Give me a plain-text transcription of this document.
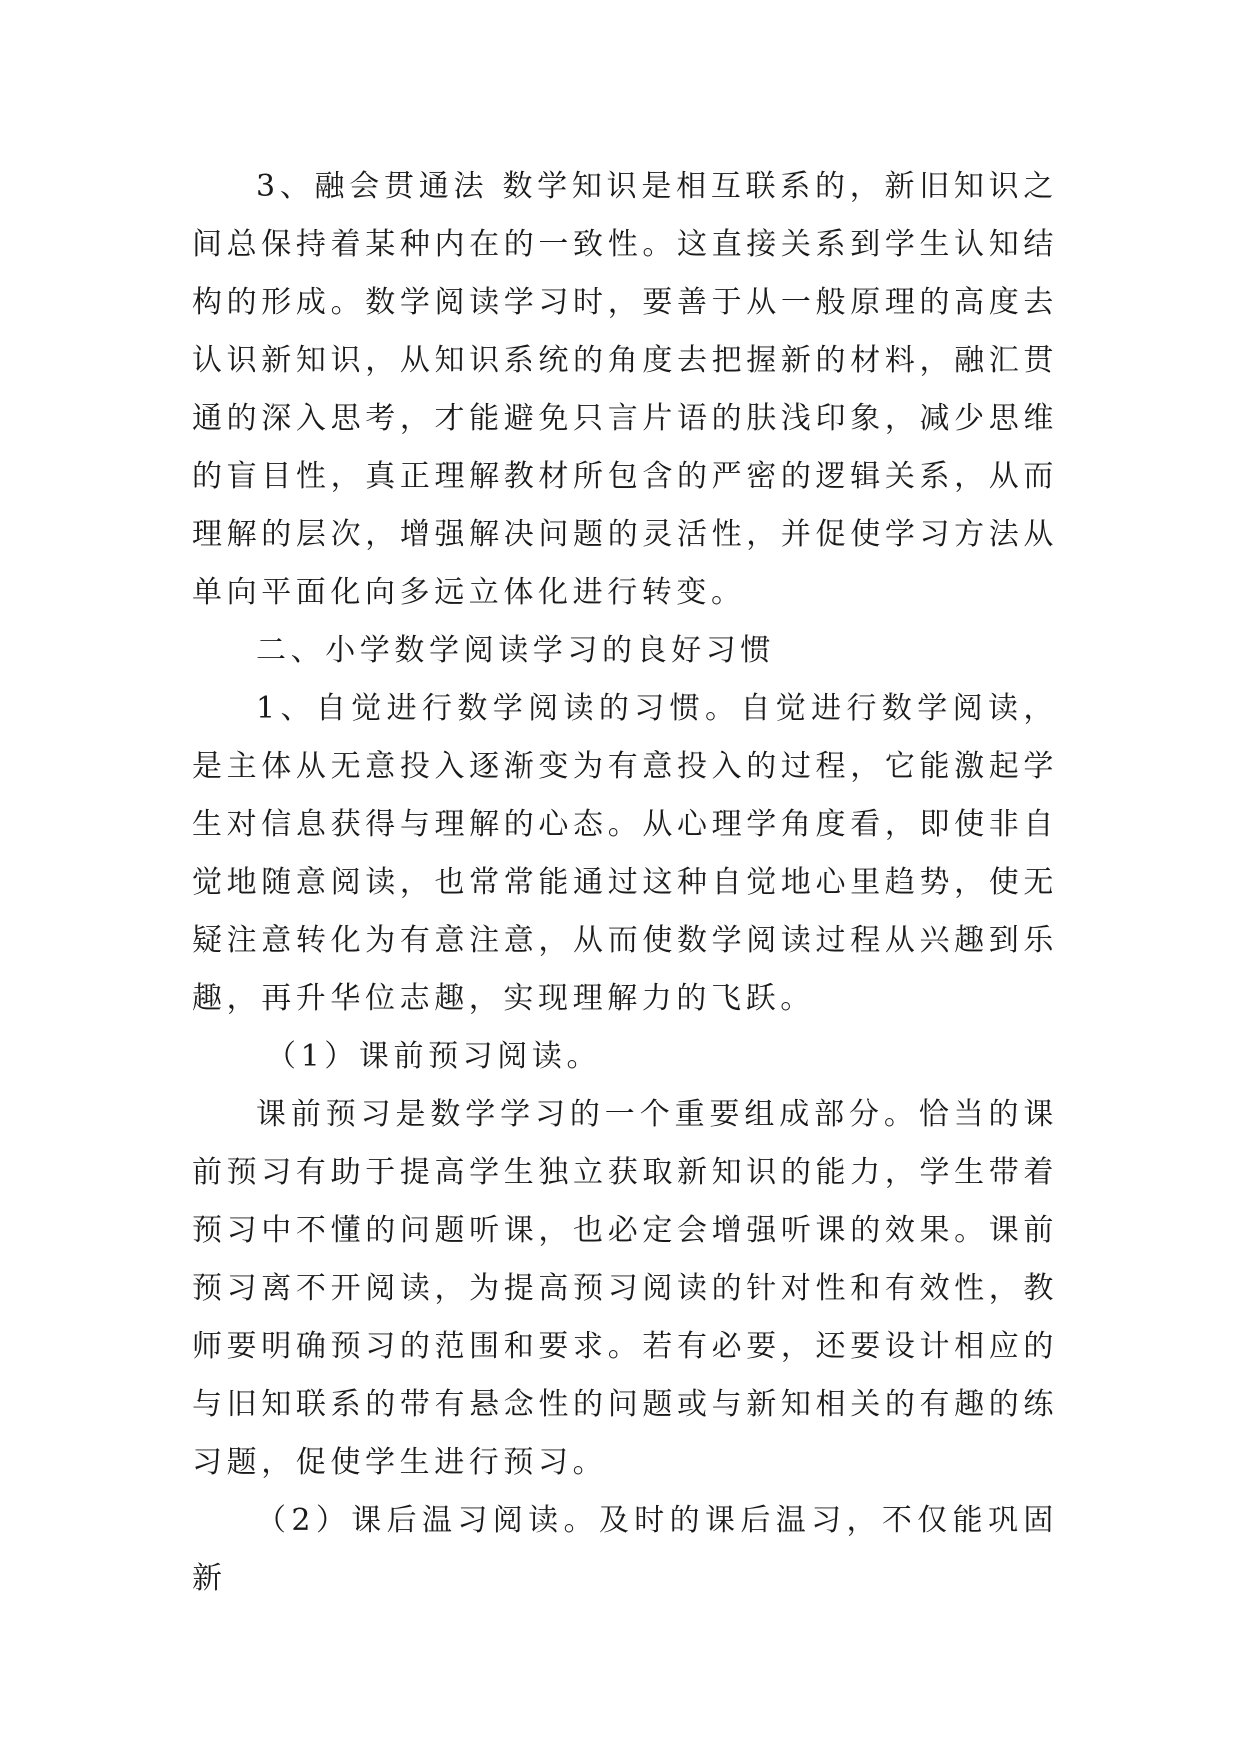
3、融会贯通法 数学知识是相互联系的，新旧知识之间总保持着某种内在的一致性。这直接关系到学生认知结构的形成。数学阅读学习时，要善于从一般原理的高度去认识新知识，从知识系统的角度去把握新的材料，融汇贯通的深入思考，才能避免只言片语的肤浅印象，减少思维的盲目性，真正理解教材所包含的严密的逻辑关系，从而理解的层次，增强解决问题的灵活性，并促使学习方法从单向平面化向多远立体化进行转变。

二、小学数学阅读学习的良好习惯

1、自觉进行数学阅读的习惯。自觉进行数学阅读，是主体从无意投入逐渐变为有意投入的过程，它能激起学生对信息获得与理解的心态。从心理学角度看，即使非自觉地随意阅读，也常常能通过这种自觉地心里趋势，使无疑注意转化为有意注意，从而使数学阅读过程从兴趣到乐趣，再升华位志趣，实现理解力的飞跃。

（1）课前预习阅读。

课前预习是数学学习的一个重要组成部分。恰当的课前预习有助于提高学生独立获取新知识的能力，学生带着预习中不懂的问题听课，也必定会增强听课的效果。课前预习离不开阅读，为提高预习阅读的针对性和有效性，教师要明确预习的范围和要求。若有必要，还要设计相应的与旧知联系的带有悬念性的问题或与新知相关的有趣的练习题，促使学生进行预习。

（2）课后温习阅读。及时的课后温习，不仅能巩固新
